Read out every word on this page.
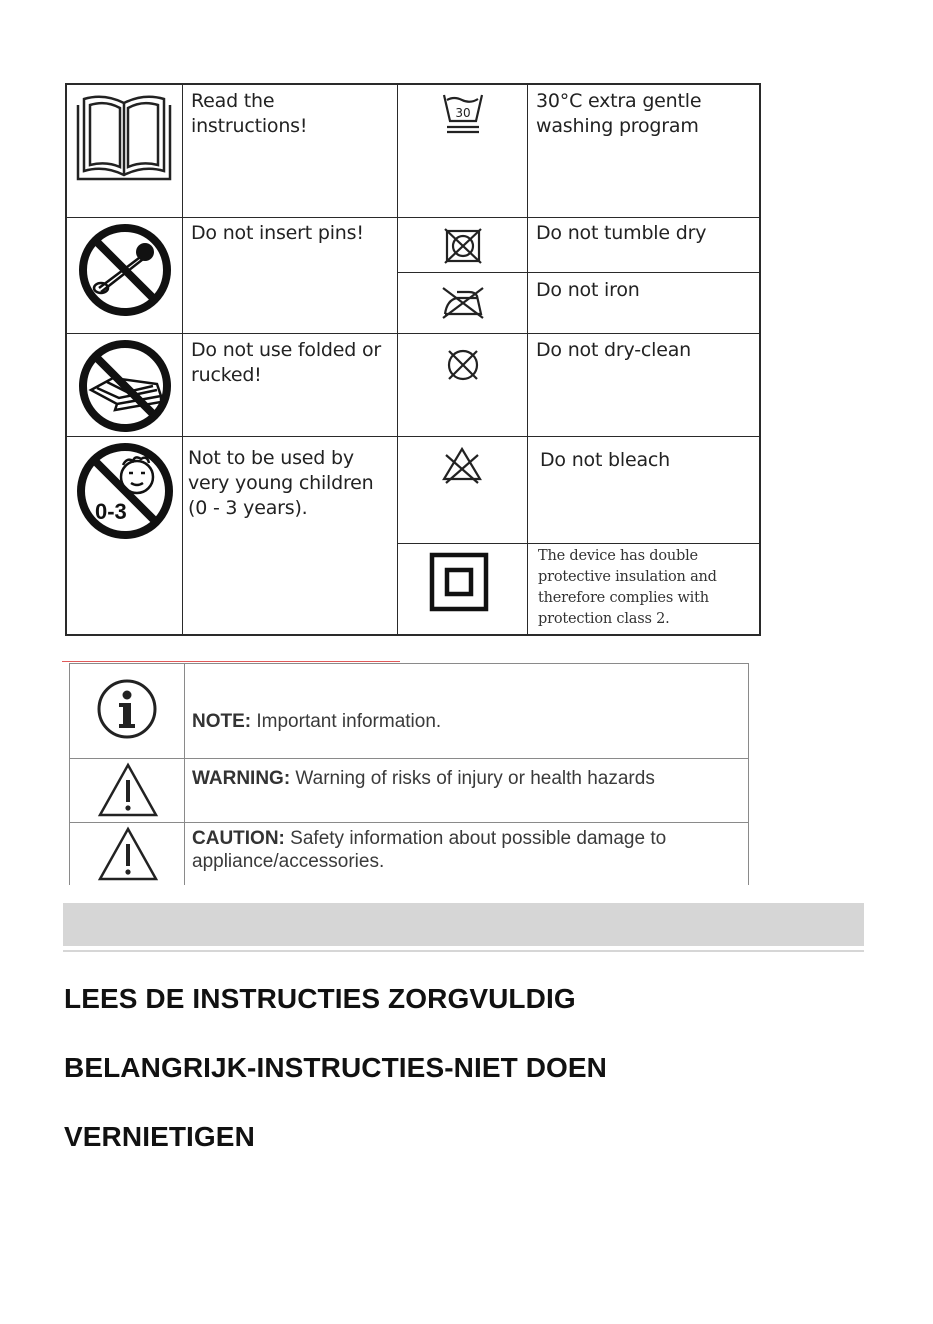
Read the instructions!
30
30°C extra gentle washing program
Do not insert pins!	Do not tumble dry
Do not iron
Do not use folded or rucked!
Do not dry-clean
0-3
Not to be used by very young children (0 - 3 years).
Do not bleach
The device has double protective insulation and therefore complies with protection class 2.
NOTE: Important information.
WARNING: Warning of risks of injury or health hazards
CAUTION: Safety information about possible damage to appliance/accessories.
LEES DE INSTRUCTIES ZORGVULDIG
BELANGRIJK-INSTRUCTIES-NIET DOEN
VERNIETIGEN
